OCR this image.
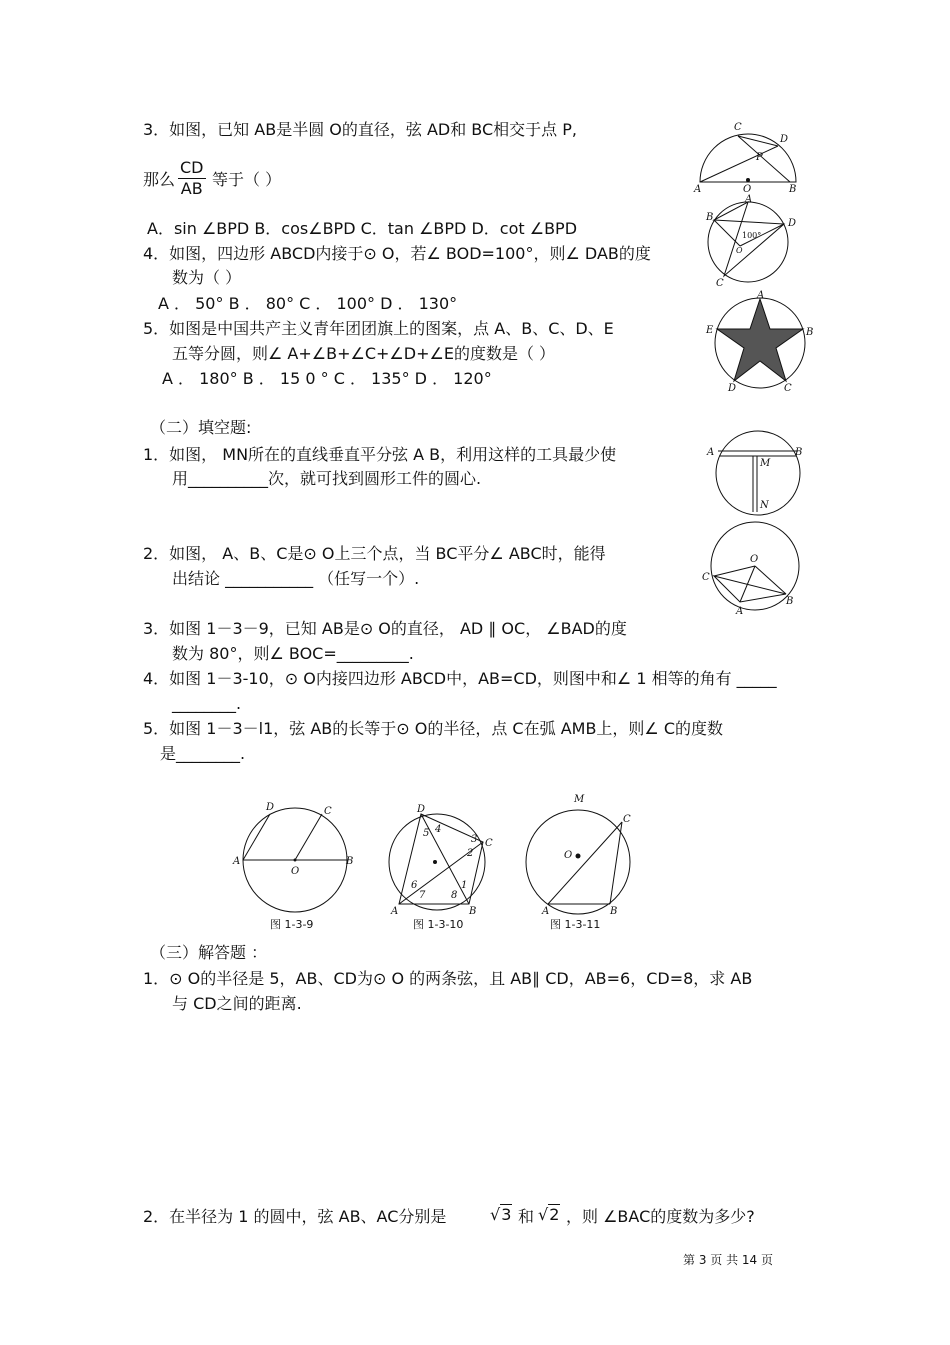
3．如图，已知 AB是半圆 O的直径，弦 AD和 BC相交于点 P,
那么 $\frac{CD}{AB}$ 等于（ ）
A．sin ∠BPD B．cos∠BPD C．tan ∠BPD D．cot ∠BPD
4．如图，四边形 ABCD内接于⊙ O，若∠ BOD=100°，则∠ DAB的度
数为（ ）
A ． 50° B ． 80° C ． 100° D ． 130°
5．如图是中国共产主义青年团团旗上的图案，点 A、B、C、D、E
五等分圆，则∠ A+∠B+∠C+∠D+∠E的度数是（ ）
A ． 180° B ． 15 0 ° C ． 135° D ． 120°
C
D
P
A	O	B
B
D
A
C
100°
O
A
B
C
D
E
（二）填空题:
1．如图， MN所在的直线垂直平分弦 A B，利用这样的工具最少使
用__________次，就可找到圆形工件的圆心.
A	B
M
N
2．如图， A、B、C是⊙ O上三个点，当 BC平分∠ ABC时，能得
出结论 ___________ （任写一个）.
O
C
B
A
3．如图 1－3－9，已知 AB是⊙ O的直径， AD ∥ OC， ∠BAD的度
数为 80°，则∠ BOC=_________.
4．如图 1－3-10，⊙ O内接四边形 ABCD中，AB=CD，则图中和∠ 1 相等的角有 _____
________.
5．如图 1－3－l1，弦 AB的长等于⊙ O的半径，点 C在弧 AMB上，则∠ C的度数
是________.
D	C
A
O
B
图 1-3-9
D
C
A	B
5 4
3
2
6
7	8
1
图 1-3-10
M
C
O
A	B
图 1-3-11
（三）解答题 ：
1．⊙ O的半径是 5，AB、CD为⊙ O 的两条弦，且 AB∥ CD，AB=6，CD=8，求 AB
与 CD之间的距离.
2．在半径为 1 的圆中，弦 AB、AC分别是	√3 和 √2 ，则 ∠BAC的度数为多少?
第 3 页 共 14 页
